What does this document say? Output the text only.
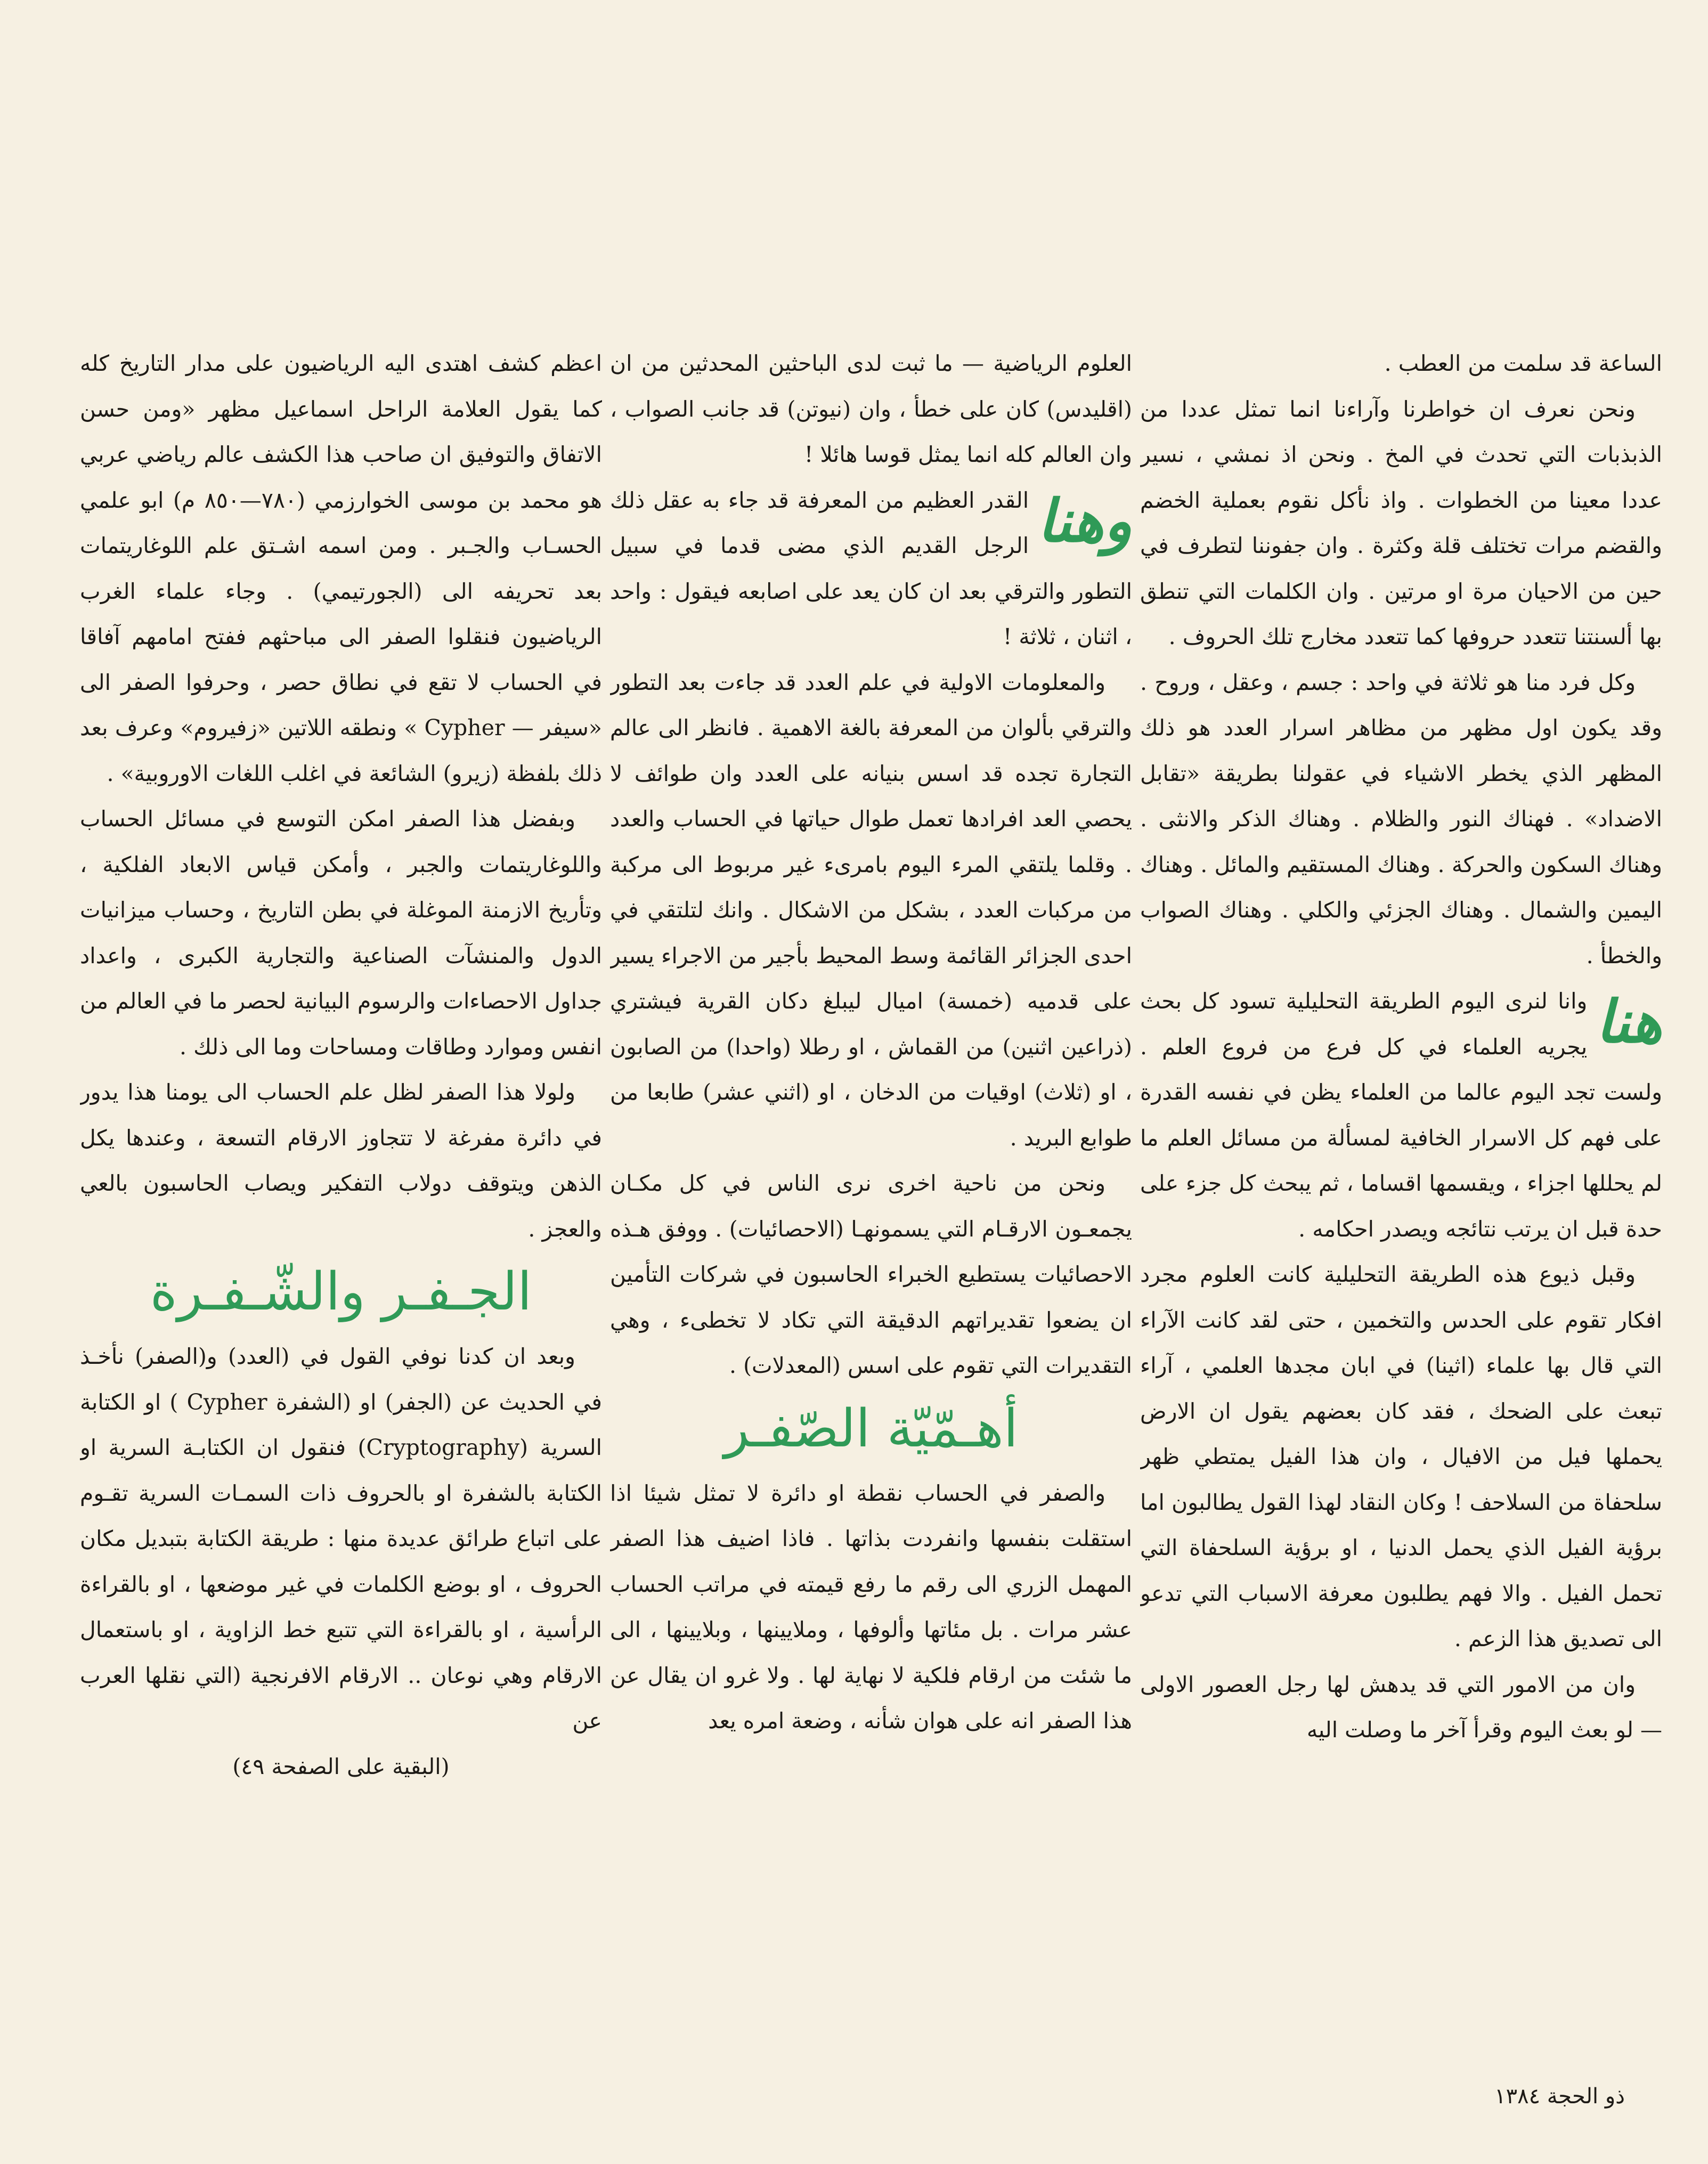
الساعة قد سلمت من العطب .

ونحن نعرف ان خواطرنا وآراءنا انما تمثل عددا من الذبذبات التي تحدث في المخ . ونحن اذ نمشي ، نسير عددا معينا من الخطوات . واذ نأكل نقوم بعملية الخضم والقضم مرات تختلف قلة وكثرة . وان جفوننا لتطرف في حين من الاحيان مرة او مرتين . وان الكلمات التي تنطق بها ألسنتنا تتعدد حروفها كما تتعدد مخارج تلك الحروف .

وكل فرد منا هو ثلاثة في واحد : جسم ، وعقل ، وروح . وقد يكون اول مظهر من مظاهر اسرار العدد هو ذلك المظهر الذي يخطر الاشياء في عقولنا بطريقة «تقابل الاضداد» . فهناك النور والظلام . وهناك الذكر والانثى . وهناك السكون والحركة . وهناك المستقيم والمائل . وهناك اليمين والشمال . وهناك الجزئي والكلي . وهناك الصواب والخطأ .

هنا
وانا لنرى اليوم الطريقة التحليلية تسود كل بحث يجريه العلماء في كل فرع من فروع العلم . ولست تجد اليوم عالما من العلماء يظن في نفسه القدرة على فهم كل الاسرار الخافية لمسألة من مسائل العلم ما لم يحللها اجزاء ، ويقسمها اقساما ، ثم يبحث كل جزء على حدة قبل ان يرتب نتائجه ويصدر احكامه .

وقبل ذيوع هذه الطريقة التحليلية كانت العلوم مجرد افكار تقوم على الحدس والتخمين ، حتى لقد كانت الآراء التي قال بها علماء (اثينا) في ابان مجدها العلمي ، آراء تبعث على الضحك ، فقد كان بعضهم يقول ان الارض يحملها فيل من الافيال ، وان هذا الفيل يمتطي ظهر سلحفاة من السلاحف ! وكان النقاد لهذا القول يطالبون اما برؤية الفيل الذي يحمل الدنيا ، او برؤية السلحفاة التي تحمل الفيل . والا فهم يطلبون معرفة الاسباب التي تدعو الى تصديق هذا الزعم .

وان من الامور التي قد يدهش لها رجل العصور الاولى — لو بعث اليوم وقرأ آخر ما وصلت اليه

العلوم الرياضية — ما ثبت لدى الباحثين المحدثين من ان (اقليدس) كان على خطأ ، وان (نيوتن) قد جانب الصواب ، وان العالم كله انما يمثل قوسا هائلا !

وهنا
القدر العظيم من المعرفة قد جاء به عقل ذلك الرجل القديم الذي مضى قدما في سبيل التطور والترقي بعد ان كان يعد على اصابعه فيقول : واحد ، اثنان ، ثلاثة !

والمعلومات الاولية في علم العدد قد جاءت بعد التطور والترقي بألوان من المعرفة بالغة الاهمية . فانظر الى عالم التجارة تجده قد اسس بنيانه على العدد وان طوائف لا يحصي العد افرادها تعمل طوال حياتها في الحساب والعدد . وقلما يلتقي المرء اليوم بامرىء غير مربوط الى مركبة من مركبات العدد ، بشكل من الاشكال . وانك لتلتقي في احدى الجزائر القائمة وسط المحيط بأجير من الاجراء يسير على قدميه (خمسة) اميال ليبلغ دكان القرية فيشتري (ذراعين اثنين) من القماش ، او رطلا (واحدا) من الصابون ، او (ثلاث) اوقيات من الدخان ، او (اثني عشر) طابعا من طوابع البريد .

ونحن من ناحية اخرى نرى الناس في كل مكـان يجمعـون الارقـام التي يسمونهـا (الاحصائيات) . ووفق هـذه الاحصائيات يستطيع الخبراء الحاسبون في شركات التأمين ان يضعوا تقديراتهم الدقيقة التي تكاد لا تخطىء ، وهي التقديرات التي تقوم على اسس (المعدلات) .

أهـمّيّة الصّفـر

والصفر في الحساب نقطة او دائرة لا تمثل شيئا اذا استقلت بنفسها وانفردت بذاتها . فاذا اضيف هذا الصفر المهمل الزري الى رقم ما رفع قيمته في مراتب الحساب عشر مرات . بل مئاتها وألوفها ، وملايينها ، وبلايينها ، الى ما شئت من ارقام فلكية لا نهاية لها . ولا غرو ان يقال عن هذا الصفر انه على هوان شأنه ، وضعة امره يعد

اعظم كشف اهتدى اليه الرياضيون على مدار التاريخ كله كما يقول العلامة الراحل اسماعيل مظهر «ومن حسن الاتفاق والتوفيق ان صاحب هذا الكشف عالم رياضي عربي هو محمد بن موسى الخوارزمي (٧٨٠—٨٥٠ م) ابو علمي الحسـاب والجـبر . ومن اسمه اشـتق علم اللوغاريتمات بعد تحريفه الى (الجورتيمي) . وجاء علماء الغرب الرياضيون فنقلوا الصفر الى مباحثهم ففتح امامهم آفاقا في الحساب لا تقع في نطاق حصر ، وحرفوا الصفر الى «سيفر — Cypher » ونطقه اللاتين «زفيروم» وعرف بعد ذلك بلفظة (زيرو) الشائعة في اغلب اللغات الاوروبية» .

وبفضل هذا الصفر امكن التوسع في مسائل الحساب واللوغاريتمات والجبر ، وأمكن قياس الابعاد الفلكية ، وتأريخ الازمنة الموغلة في بطن التاريخ ، وحساب ميزانيات الدول والمنشآت الصناعية والتجارية الكبرى ، واعداد جداول الاحصاءات والرسوم البيانية لحصر ما في العالم من انفس وموارد وطاقات ومساحات وما الى ذلك .

ولولا هذا الصفر لظل علم الحساب الى يومنا هذا يدور في دائرة مفرغة لا تتجاوز الارقام التسعة ، وعندها يكل الذهن ويتوقف دولاب التفكير ويصاب الحاسبون بالعي والعجز .

الجـفـر والشّـفـرة

وبعد ان كدنا نوفي القول في (العدد) و(الصفر) نأخـذ في الحديث عن (الجفر) او (الشفرة Cypher ) او الكتابة السرية (Cryptography) فنقول ان الكتابـة السرية او الكتابة بالشفرة او بالحروف ذات السمـات السرية تقـوم على اتباع طرائق عديدة منها : طريقة الكتابة بتبديل مكان الحروف ، او بوضع الكلمات في غير موضعها ، او بالقراءة الرأسية ، او بالقراءة التي تتبع خط الزاوية ، او باستعمال الارقام وهي نوعان .. الارقام الافرنجية (التي نقلها العرب عن

(البقية على الصفحة ٤٩)

ذو الحجة ١٣٨٤
